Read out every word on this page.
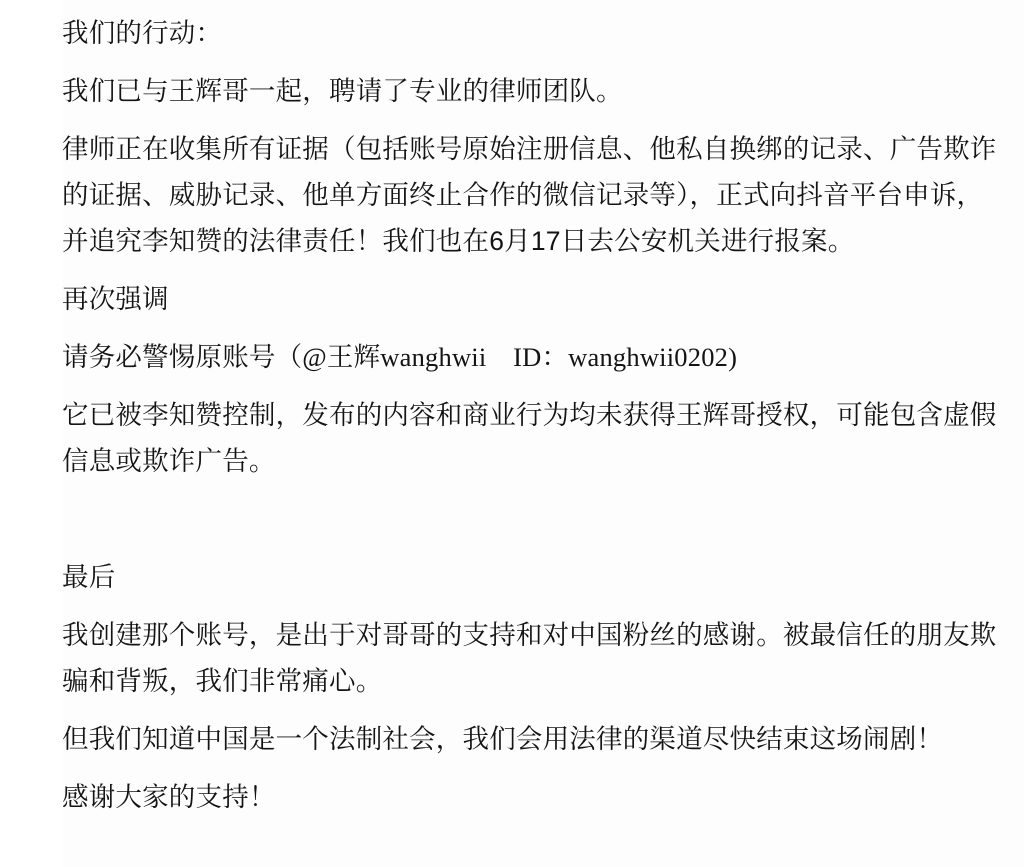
我们的行动：

我们已与王辉哥一起，聘请了专业的律师团队。

律师正在收集所有证据（包括账号原始注册信息、他私自换绑的记录、广告欺诈的证据、威胁记录、他单方面终止合作的微信记录等），正式向抖音平台申诉，并追究李知赞的法律责任！我们也在6月17日去公安机关进行报案。

再次强调

请务必警惕原账号（@王辉wanghwii　ID：wanghwii0202)

它已被李知赞控制，发布的内容和商业行为均未获得王辉哥授权，可能包含虚假信息或欺诈广告。

最后

我创建那个账号，是出于对哥哥的支持和对中国粉丝的感谢。被最信任的朋友欺骗和背叛，我们非常痛心。

但我们知道中国是一个法制社会，我们会用法律的渠道尽快结束这场闹剧！

感谢大家的支持！
